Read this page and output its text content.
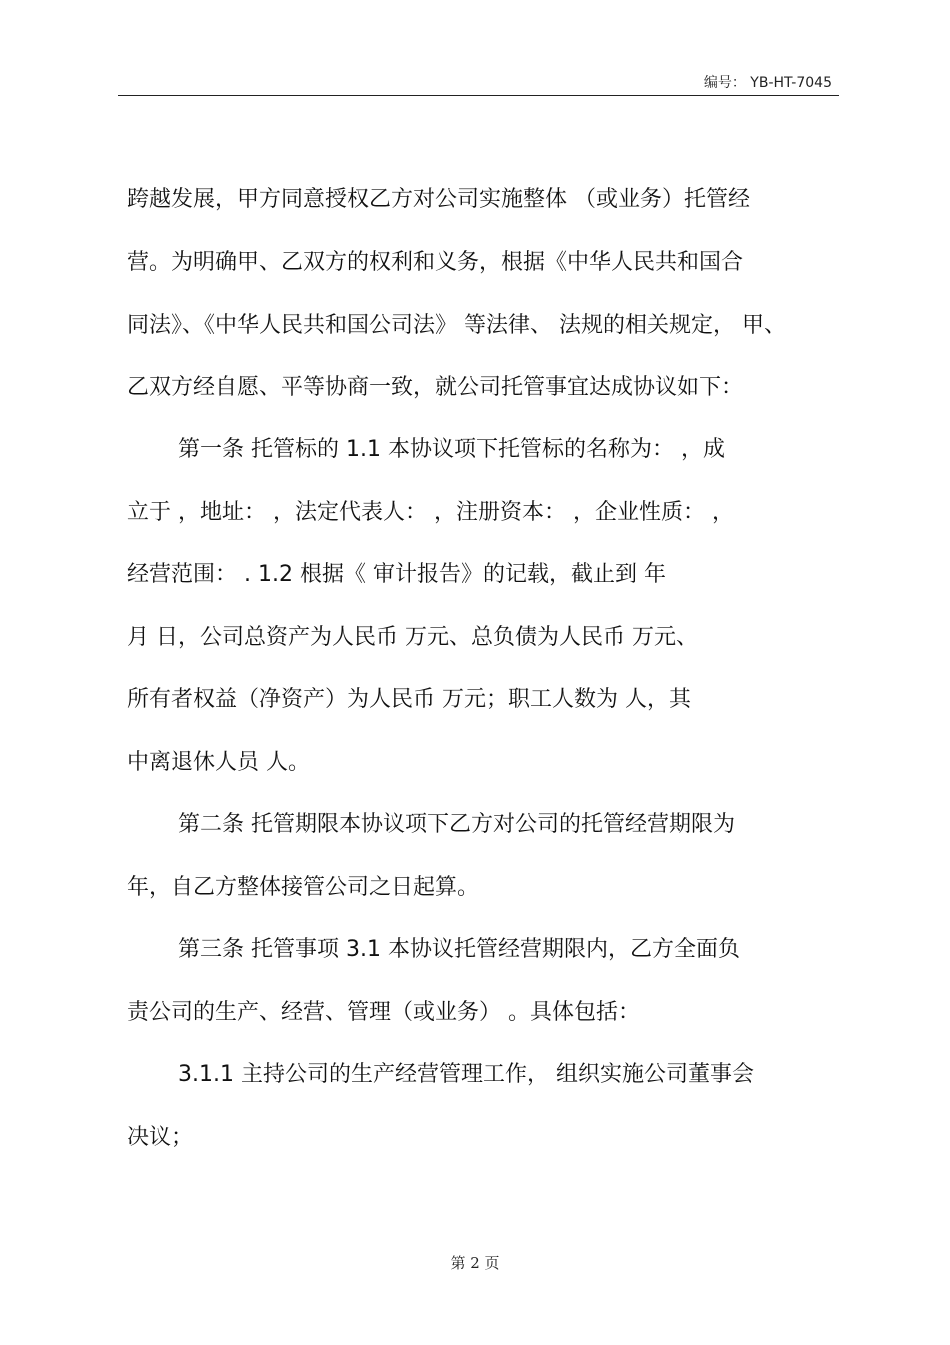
编号： YB-HT-7045
跨越发展，甲方同意授权乙方对公司实施整体 （或业务）托管经
营。为明确甲、乙双方的权利和义务，根据《中华人民共和国合
同法》、《中华人民共和国公司法》 等法律、 法规的相关规定， 甲、
乙双方经自愿、平等协商一致，就公司托管事宜达成协议如下：
第一条 托管标的 1.1 本协议项下托管标的名称为： ，成
立于 ，地址： ，法定代表人： ，注册资本： ，企业性质： ，
经营范围： . 1.2 根据《 审计报告》的记载，截止到 年
月 日，公司总资产为人民币 万元、总负债为人民币 万元、
所有者权益（净资产）为人民币 万元；职工人数为 人，其
中离退休人员 人。
第二条 托管期限本协议项下乙方对公司的托管经营期限为
年，自乙方整体接管公司之日起算。
第三条 托管事项 3.1 本协议托管经营期限内，乙方全面负
责公司的生产、经营、管理（或业务） 。具体包括：
3.1.1 主持公司的生产经营管理工作， 组织实施公司董事会
决议；
第 2 页
